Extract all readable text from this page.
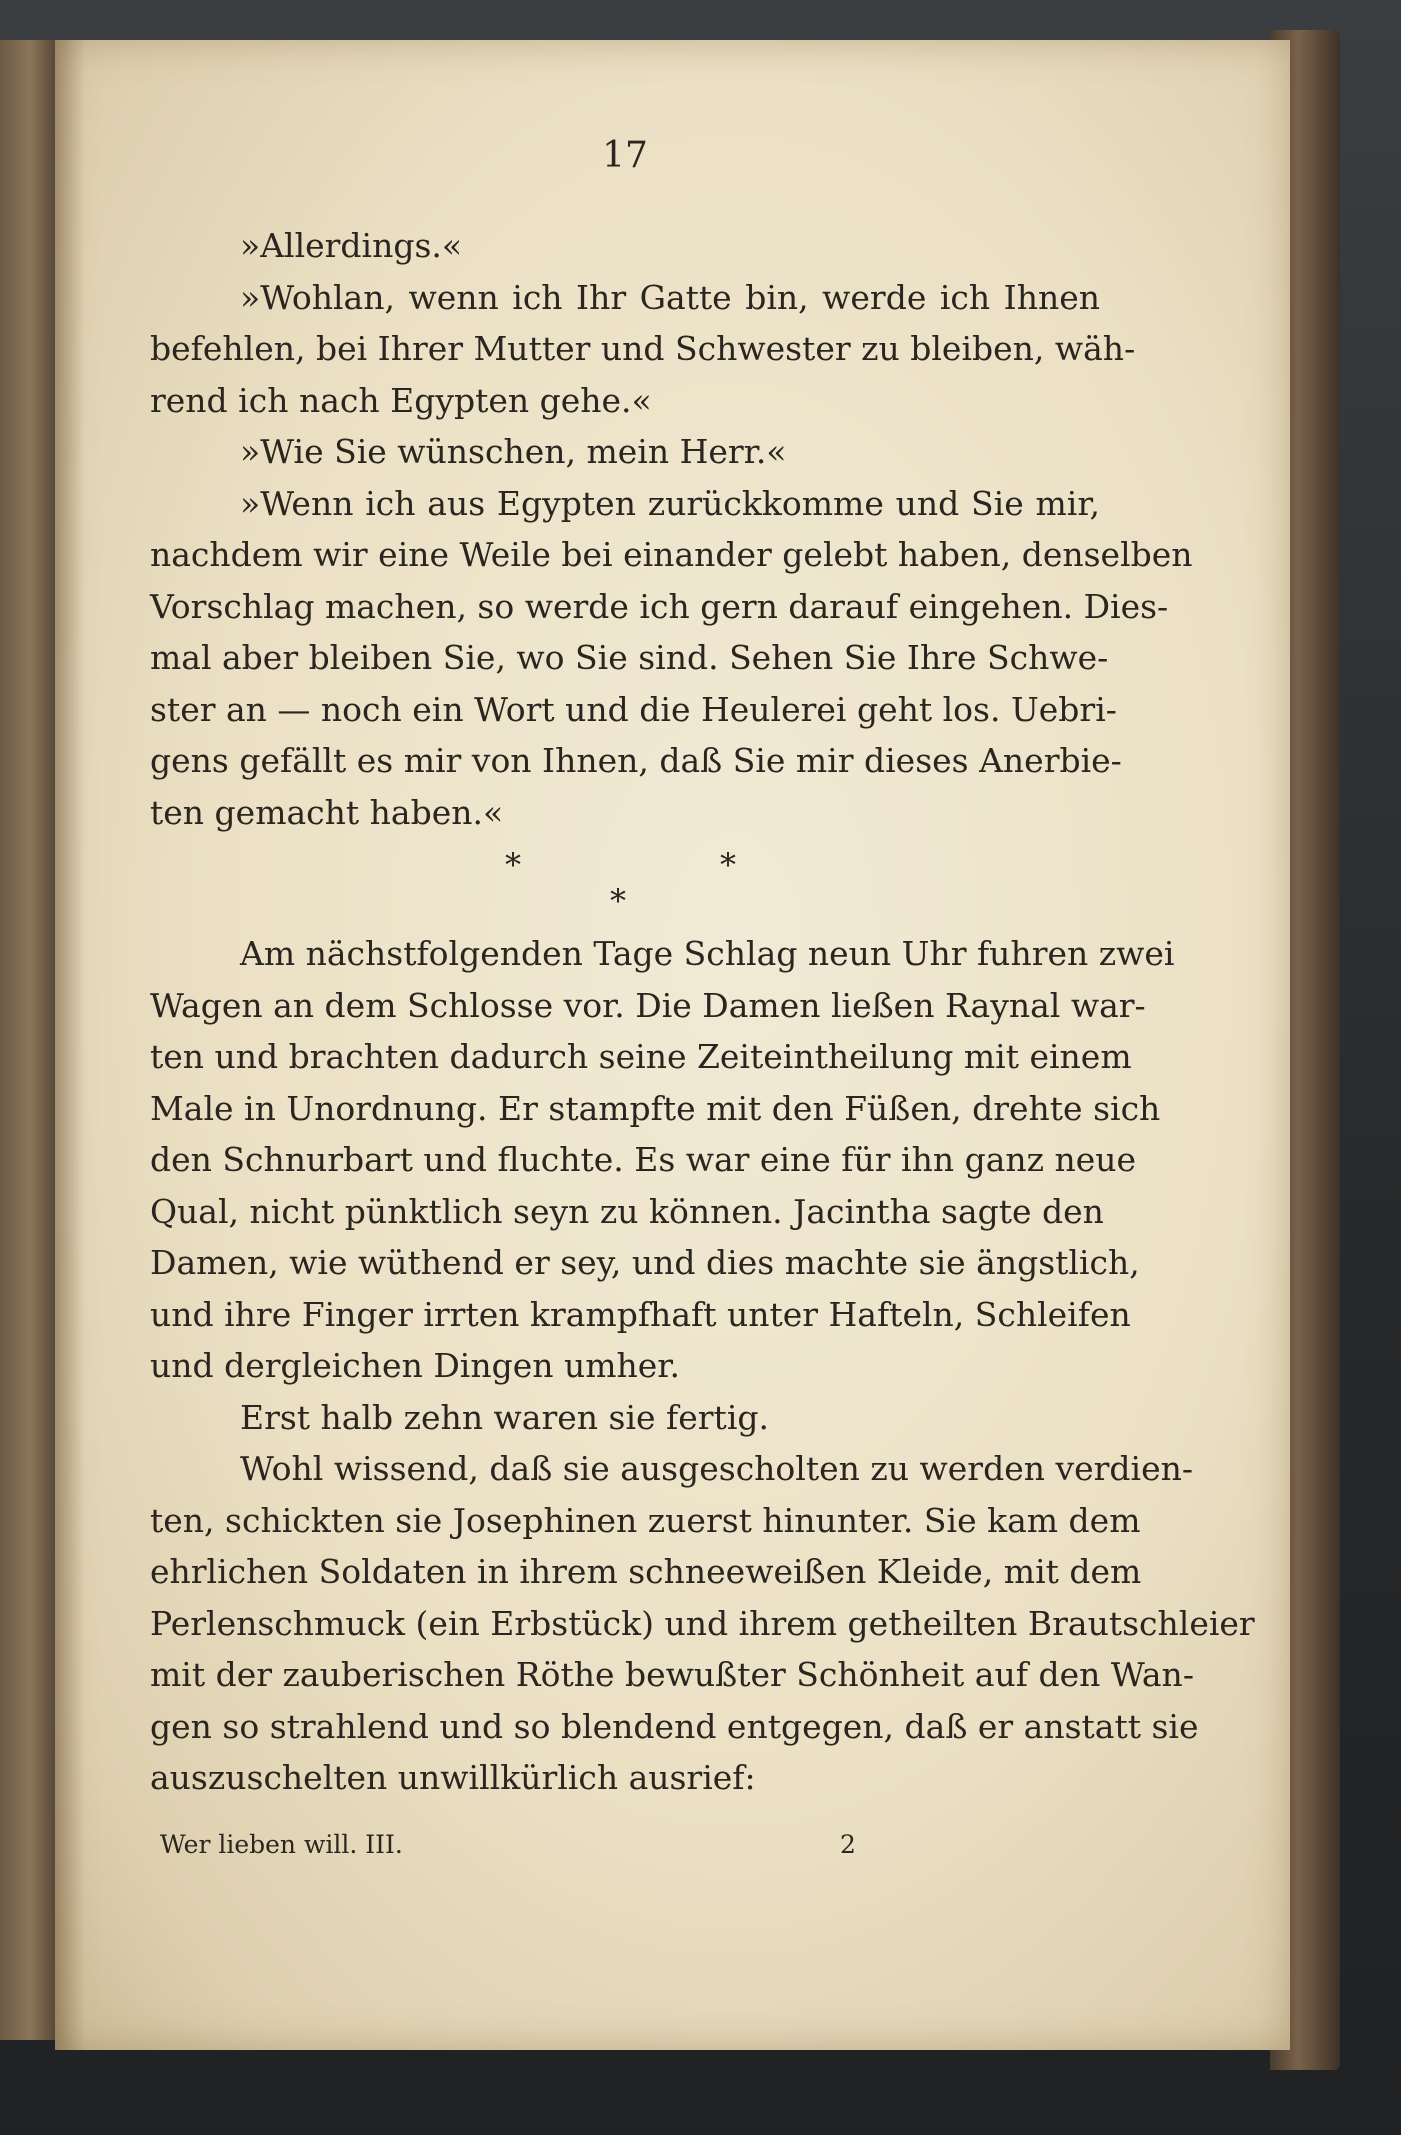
17
»Allerdings.«
»Wohlan, wenn ich Ihr Gatte bin, werde ich Ihnen
befehlen, bei Ihrer Mutter und Schwester zu bleiben, wäh-
rend ich nach Egypten gehe.«
»Wie Sie wünschen, mein Herr.«
»Wenn ich aus Egypten zurückkomme und Sie mir,
nachdem wir eine Weile bei einander gelebt haben, denselben
Vorschlag machen, so werde ich gern darauf eingehen. Dies-
mal aber bleiben Sie, wo Sie sind. Sehen Sie Ihre Schwe-
ster an — noch ein Wort und die Heulerei geht los. Uebri-
gens gefällt es mir von Ihnen, daß Sie mir dieses Anerbie-
ten gemacht haben.«
*	*
*
Am nächstfolgenden Tage Schlag neun Uhr fuhren zwei
Wagen an dem Schlosse vor. Die Damen ließen Raynal war-
ten und brachten dadurch seine Zeiteintheilung mit einem
Male in Unordnung. Er stampfte mit den Füßen, drehte sich
den Schnurbart und fluchte. Es war eine für ihn ganz neue
Qual, nicht pünktlich seyn zu können. Jacintha sagte den
Damen, wie wüthend er sey, und dies machte sie ängstlich,
und ihre Finger irrten krampfhaft unter Hafteln, Schleifen
und dergleichen Dingen umher.
Erst halb zehn waren sie fertig.
Wohl wissend, daß sie ausgescholten zu werden verdien-
ten, schickten sie Josephinen zuerst hinunter. Sie kam dem
ehrlichen Soldaten in ihrem schneeweißen Kleide, mit dem
Perlenschmuck (ein Erbstück) und ihrem getheilten Brautschleier
mit der zauberischen Röthe bewußter Schönheit auf den Wan-
gen so strahlend und so blendend entgegen, daß er anstatt sie
auszuschelten unwillkürlich ausrief:
Wer lieben will. III.	2
